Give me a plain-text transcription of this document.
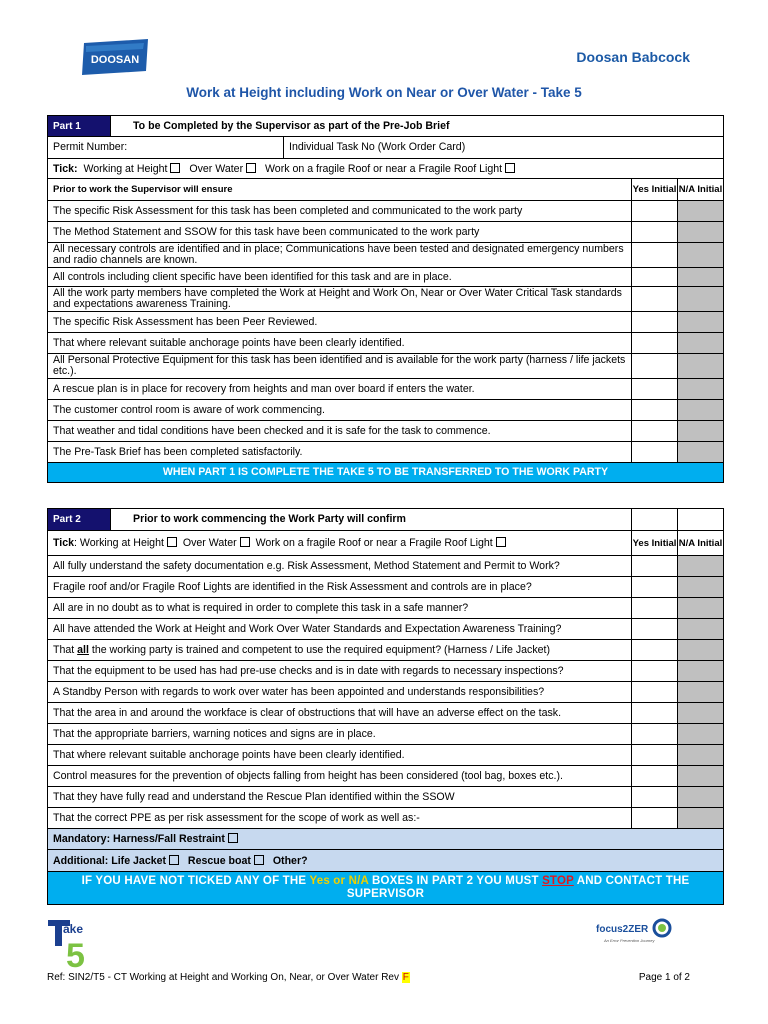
DOOSAN	Doosan Babcock
Work at Height including Work on Near or Over Water - Take 5
Part 1	To be Completed by the Supervisor as part of the Pre-Job Brief			
Permit Number:		Individual Task No (Work Order Card)		
Tick: Working at Height Over Water Work on a fragile Roof or near a Fragile Roof Light				
Prior to work the Supervisor will ensure			Yes Initial	N/A Initial
The specific Risk Assessment for this task has been completed and communicated to the work party				
The Method Statement and SSOW for this task have been communicated to the work party				
All necessary controls are identified and in place; Communications have been tested and designated emergency numbers and radio channels are known.				
All controls including client specific have been identified for this task and are in place.				
All the work party members have completed the Work at Height and Work On, Near or Over Water Critical Task standards and expectations awareness Training.				
The specific Risk Assessment has been Peer Reviewed.				
That where relevant suitable anchorage points have been clearly identified.				
All Personal Protective Equipment for this task has been identified and is available for the work party (harness / life jackets etc.).				
A rescue plan is in place for recovery from heights and man over board if enters the water.				
The customer control room is aware of work commencing.				
That weather and tidal conditions have been checked and it is safe for the task to commence.				
The Pre-Task Brief has been completed satisfactorily.				
WHEN PART 1 IS COMPLETE THE TAKE 5 TO BE TRANSFERRED TO THE WORK PARTY				
Part 2	Prior to work commencing the Work Party will confirm		
Tick: Working at Height Over Water Work on a fragile Roof or near a Fragile Roof Light		Yes Initial	N/A Initial
All fully understand the safety documentation e.g. Risk Assessment, Method Statement and Permit to Work?			
Fragile roof and/or Fragile Roof Lights are identified in the Risk Assessment and controls are in place?			
All are in no doubt as to what is required in order to complete this task in a safe manner?			
All have attended the Work at Height and Work Over Water Standards and Expectation Awareness Training?			
That all the working party is trained and competent to use the required equipment? (Harness / Life Jacket)			
That the equipment to be used has had pre-use checks and is in date with regards to necessary inspections?			
A Standby Person with regards to work over water has been appointed and understands responsibilities?			
That the area in and around the workface is clear of obstructions that will have an adverse effect on the task.			
That the appropriate barriers, warning notices and signs are in place.			
That where relevant suitable anchorage points have been clearly identified.			
Control measures for the prevention of objects falling from height has been considered (tool bag, boxes etc.).			
That they have fully read and understand the Rescue Plan identified within the SSOW			
That the correct PPE as per risk assessment for the scope of work as well as:-			
Mandatory: Harness/Fall Restraint			
Additional: Life Jacket Rescue boat Other?			
IF YOU HAVE NOT TICKED ANY OF THE Yes or N/A BOXES IN PART 2 YOU MUST STOP AND CONTACT THE SUPERVISOR			
ake
5
focus2ZER
An Error Prevention Journey
Ref: SIN2/T5 - CT Working at Height and Working On, Near, or Over Water Rev F	Page 1 of 2
